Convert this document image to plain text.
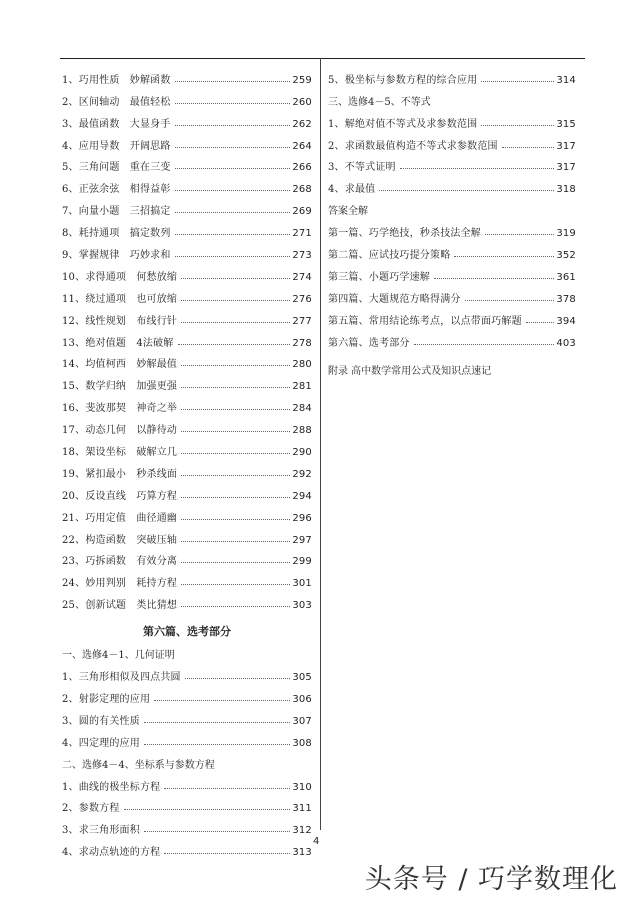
1、巧用性质　妙解函数	259
2、区间轴动　最值轻松	260
3、最值函数　大显身手	262
4、应用导数　开阔思路	264
5、三角问题　重在三变	266
6、正弦余弦　相得益彰	268
7、向量小题　三招搞定	269
8、耗持通项　搞定数列	271
9、掌握规律　巧妙求和	273
10、求得通项　何愁放缩	274
11、绕过通项　也可放缩	276
12、线性规划　布线行针	277
13、绝对值题　4法破解	278
14、均值柯西　妙解最值	280
15、数学归纳　加强更强	281
16、斐波那契　神奇之举	284
17、动态几何　以静待动	288
18、架设坐标　破解立几	290
19、紧扣最小　秒杀线面	292
20、反设直线　巧算方程	294
21、巧用定值　曲径通幽	296
22、构造函数　突破压轴	297
23、巧拆函数　有效分离	299
24、妙用判别　耗持方程	301
25、创新试题　类比猜想	303
第六篇、选考部分
一、选修4－1、几何证明
1、三角形相似及四点共圆	305
2、射影定理的应用	306
3、圆的有关性质	307
4、四定理的应用	308
二、选修4－4、坐标系与参数方程
1、曲线的极坐标方程	310
2、参数方程	311
3、求三角形面积	312
4、求动点轨迹的方程	313
5、极坐标与参数方程的综合应用	314
三、选修4－5、不等式
1、解绝对值不等式及求参数范围	315
2、求函数最值构造不等式求参数范围	317
3、不等式证明	317
4、求最值	318
答案全解
第一篇、巧学绝技，秒杀技法全解	319
第二篇、应试技巧提分策略	352
第三篇、小题巧学速解	361
第四篇、大题规范方略得满分	378
第五篇、常用结论练考点，以点带面巧解题	394
第六篇、选考部分	403
附录 高中数学常用公式及知识点速记
4
头条号 / 巧学数理化
